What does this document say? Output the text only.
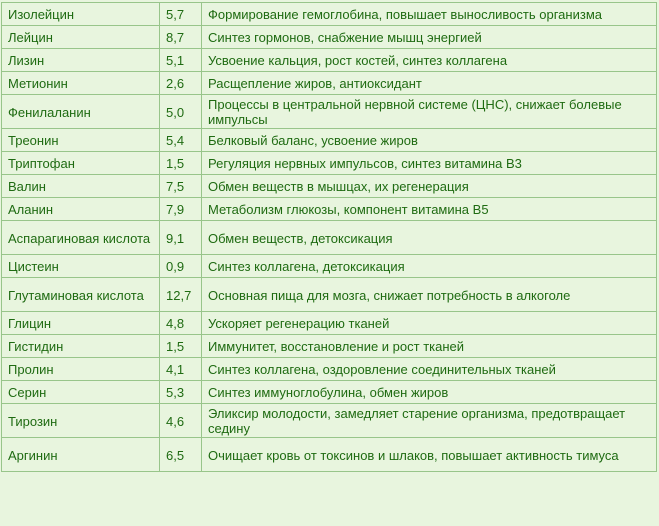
Изолейцин	5,7	Формирование гемоглобина, повышает выносливость организма
Лейцин	8,7	Синтез гормонов, снабжение мышц энергией
Лизин	5,1	Усвоение кальция, рост костей, синтез коллагена
Метионин	2,6	Расщепление жиров, антиоксидант
Фенилаланин	5,0	Процессы в центральной нервной системе (ЦНС), снижает болевые импульсы
Треонин	5,4	Белковый баланс, усвоение жиров
Триптофан	1,5	Регуляция нервных импульсов, синтез витамина В3
Валин	7,5	Обмен веществ в мышцах, их регенерация
Аланин	7,9	Метаболизм глюкозы, компонент витамина В5
Аспарагиновая кислота	9,1	Обмен веществ, детоксикация
Цистеин	0,9	Синтез коллагена, детоксикация
Глутаминовая кислота	12,7	Основная пища для мозга, снижает потребность в алкоголе
Глицин	4,8	Ускоряет регенерацию тканей
Гистидин	1,5	Иммунитет, восстановление и рост тканей
Пролин	4,1	Синтез коллагена, оздоровление соединительных тканей
Серин	5,3	Синтез иммуноглобулина, обмен жиров
Тирозин	4,6	Эликсир молодости, замедляет старение организма, предотвращает седину
Аргинин	6,5	Очищает кровь от токсинов и шлаков, повышает активность тимуса
